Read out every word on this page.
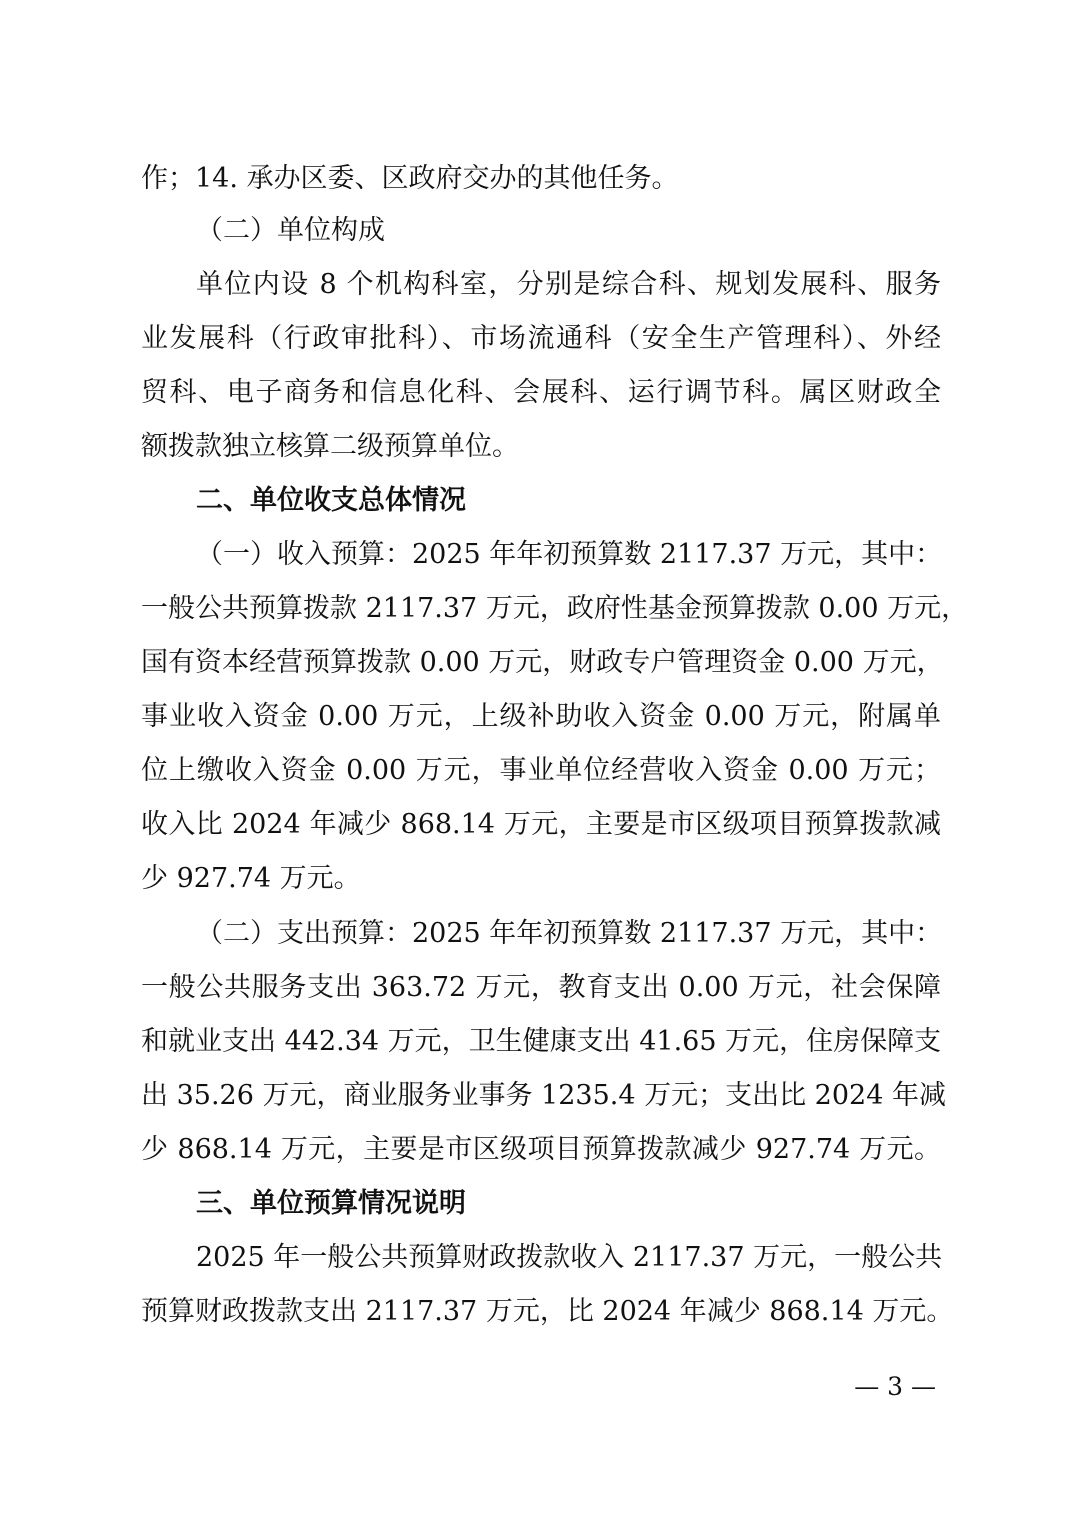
作；14. 承办区委、区政府交办的其他任务。
（二）单位构成
单位内设 8 个机构科室，分别是综合科、规划发展科、服务
业发展科（行政审批科）、市场流通科（安全生产管理科）、外经
贸科、电子商务和信息化科、会展科、运行调节科。属区财政全
额拨款独立核算二级预算单位。
二、单位收支总体情况
（一）收入预算：2025 年年初预算数 2117.37 万元，其中：
一般公共预算拨款 2117.37 万元，政府性基金预算拨款 0.00 万元，
国有资本经营预算拨款 0.00 万元，财政专户管理资金 0.00 万元，
事业收入资金 0.00 万元，上级补助收入资金 0.00 万元，附属单
位上缴收入资金 0.00 万元，事业单位经营收入资金 0.00 万元；
收入比 2024 年减少 868.14 万元，主要是市区级项目预算拨款减
少 927.74 万元。
（二）支出预算：2025 年年初预算数 2117.37 万元，其中：
一般公共服务支出 363.72 万元，教育支出 0.00 万元，社会保障
和就业支出 442.34 万元，卫生健康支出 41.65 万元，住房保障支
出 35.26 万元，商业服务业事务 1235.4 万元；支出比 2024 年减
少 868.14 万元，主要是市区级项目预算拨款减少 927.74 万元。
三、单位预算情况说明
2025 年一般公共预算财政拨款收入 2117.37 万元，一般公共
预算财政拨款支出 2117.37 万元，比 2024 年减少 868.14 万元。
— 3 —
